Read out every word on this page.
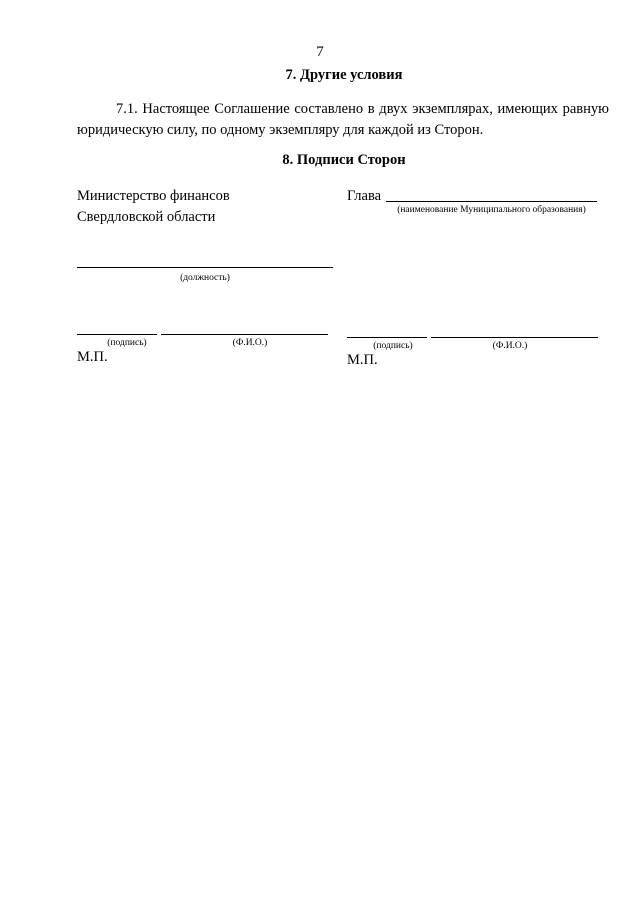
7
7. Другие условия
7.1. Настоящее Соглашение составлено в двух экземплярах, имеющих равную юридическую силу, по одному экземпляру для каждой из Сторон.
8. Подписи Сторон
Министерство финансов
Свердловской области
(должность)
(подпись)	(Ф.И.О.)
М.П.
Глава
(наименование Муниципального образования)
(подпись)	(Ф.И.О.)
М.П.
